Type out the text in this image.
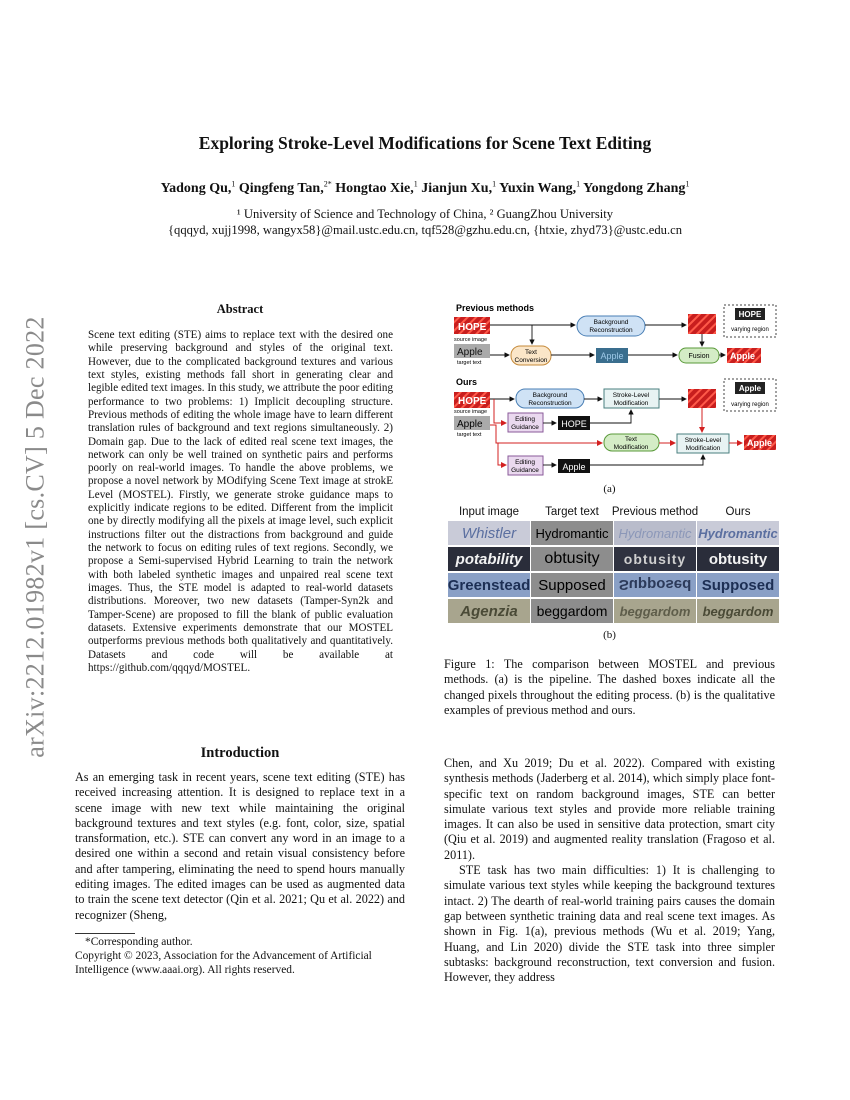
arXiv:2212.01982v1 [cs.CV] 5 Dec 2022
Exploring Stroke-Level Modifications for Scene Text Editing
Yadong Qu,$^1$ Qingfeng Tan,$^{2*}$ Hongtao Xie,$^1$ Jianjun Xu,$^1$ Yuxin Wang,$^1$ Yongdong Zhang$^1$
¹ University of Science and Technology of China, ² GuangZhou University
{qqqyd, xujj1998, wangyx58}@mail.ustc.edu.cn, tqf528@gzhu.edu.cn, {htxie, zhyd73}@ustc.edu.cn
Abstract
Scene text editing (STE) aims to replace text with the desired one while preserving background and styles of the original text. However, due to the complicated background textures and various text styles, existing methods fall short in generating clear and legible edited text images. In this study, we attribute the poor editing performance to two problems: 1) Implicit decoupling structure. Previous methods of editing the whole image have to learn different translation rules of background and text regions simultaneously. 2) Domain gap. Due to the lack of edited real scene text images, the network can only be well trained on synthetic pairs and performs poorly on real-world images. To handle the above problems, we propose a novel network by MOdifying Scene Text image at strokE Level (MOSTEL). Firstly, we generate stroke guidance maps to explicitly indicate regions to be edited. Different from the implicit one by directly modifying all the pixels at image level, such explicit instructions filter out the distractions from background and guide the network to focus on editing rules of text regions. Secondly, we propose a Semi-supervised Hybrid Learning to train the network with both labeled synthetic images and unpaired real scene text images. Thus, the STE model is adapted to real-world datasets distributions. Moreover, two new datasets (Tamper-Syn2k and Tamper-Scene) are proposed to fill the blank of public evaluation datasets. Extensive experiments demonstrate that our MOSTEL outperforms previous methods both qualitatively and quantitatively. Datasets and code will be available at https://github.com/qqqyd/MOSTEL.
Introduction
As an emerging task in recent years, scene text editing (STE) has received increasing attention. It is designed to replace text in a scene image with new text while maintaining the original background textures and text styles (e.g. font, color, size, spatial transformation, etc.). STE can convert any word in an image to a desired one within a second and retain visual consistency before and after tampering, eliminating the need to spend hours manually editing images. The edited images can be used as augmented data to train the scene text detector (Qin et al. 2021; Qu et al. 2022) and recognizer (Sheng,
*Corresponding author.
Copyright © 2023, Association for the Advancement of Artificial Intelligence (www.aaai.org). All rights reserved.

Chen, and Xu 2019; Du et al. 2022). Compared with existing synthesis methods (Jaderberg et al. 2014), which simply place font-specific text on random background images, STE can better simulate various text styles and provide more reliable training images. It can also be used in sensitive data protection, smart city (Qiu et al. 2019) and augmented reality translation (Fragoso et al. 2011).

STE task has two main difficulties: 1) It is challenging to simulate various text styles while keeping the background textures intact. 2) The dearth of real-world training pairs causes the domain gap between synthetic training data and real scene text images. As shown in Fig. 1(a), previous methods (Wu et al. 2019; Yang, Huang, and Lin 2020) divide the STE task into three simpler subtasks: background reconstruction, text conversion and fusion. However, they address

Previous methods
HOPE
source image
Apple
target text
Background
Reconstruction
Text
Conversion	Apple	Fusion Apple
HOPE
varying region
Ours
HOPE
source image
Apple
target text
Background
Reconstruction
Stroke-Level
Modification
Editing
Guidance HOPE
Text
Modification
Stroke-Level
Modification
Apple
Editing
Guidance	Apple
Apple
varying region
(a)
Input image	Target text	Previous method	Ours
Whistler	Hydromantic Hydromantic Hydromantic
potability	obtusity	obtusity	obtusity
Greenstead Supposed Supposed Supposed
Agenzia	beggardom beggardom beggardom
(b)
Figure 1: The comparison between MOSTEL and previous methods. (a) is the pipeline. The dashed boxes indicate all the changed pixels throughout the editing process. (b) is the qualitative examples of previous method and ours.
